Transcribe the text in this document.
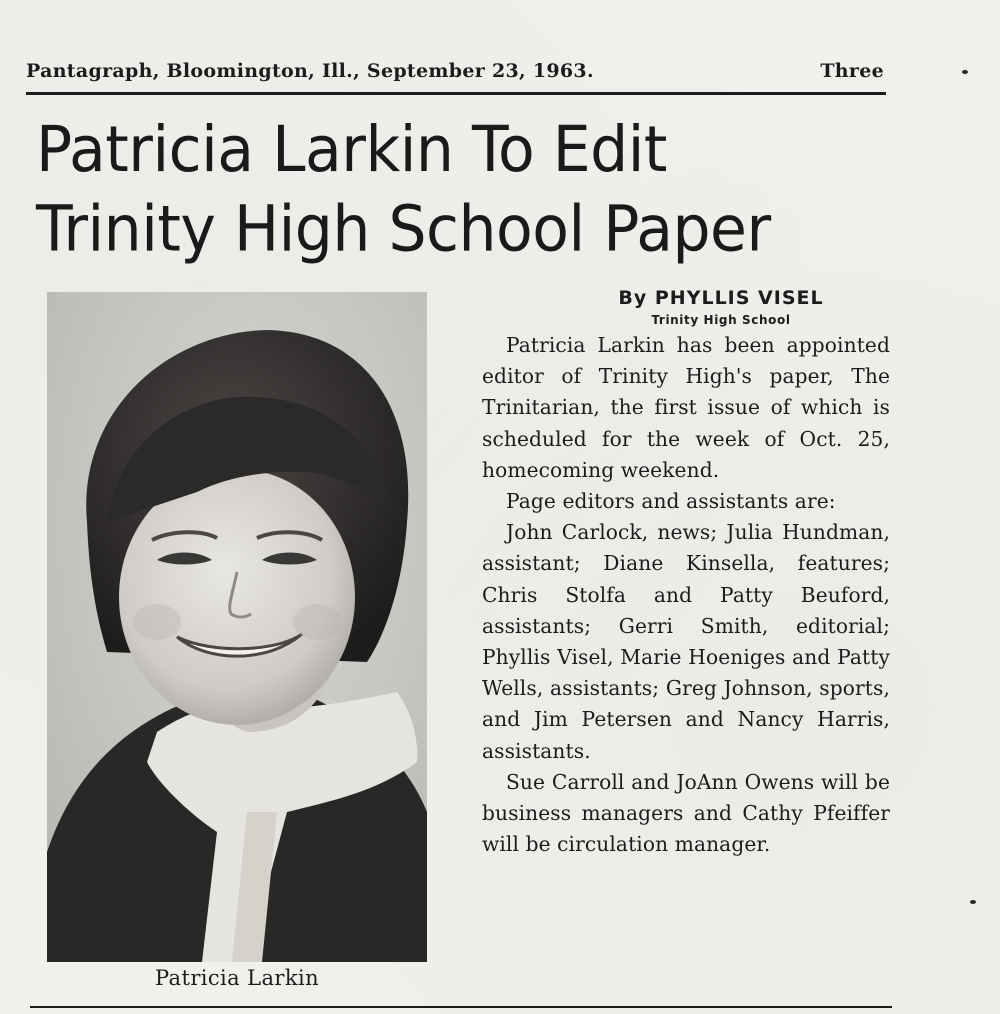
Pantagraph, Bloomington, Ill., September 23, 1963.	Three
Patricia Larkin To Edit
Trinity High School Paper
Patricia Larkin
By PHYLLIS VISEL
Trinity High School

Patricia Larkin has been appointed editor of Trinity High's paper, The Trinitarian, the first issue of which is scheduled for the week of Oct. 25, homecoming weekend.

Page editors and assistants are:

John Carlock, news; Julia Hundman, assistant; Diane Kinsella, features; Chris Stolfa and Patty Beuford, assistants; Gerri Smith, editorial; Phyllis Visel, Marie Hoeniges and Patty Wells, assistants; Greg Johnson, sports, and Jim Petersen and Nancy Harris, assistants.

Sue Carroll and JoAnn Owens will be business managers and Cathy Pfeiffer will be circulation manager.
